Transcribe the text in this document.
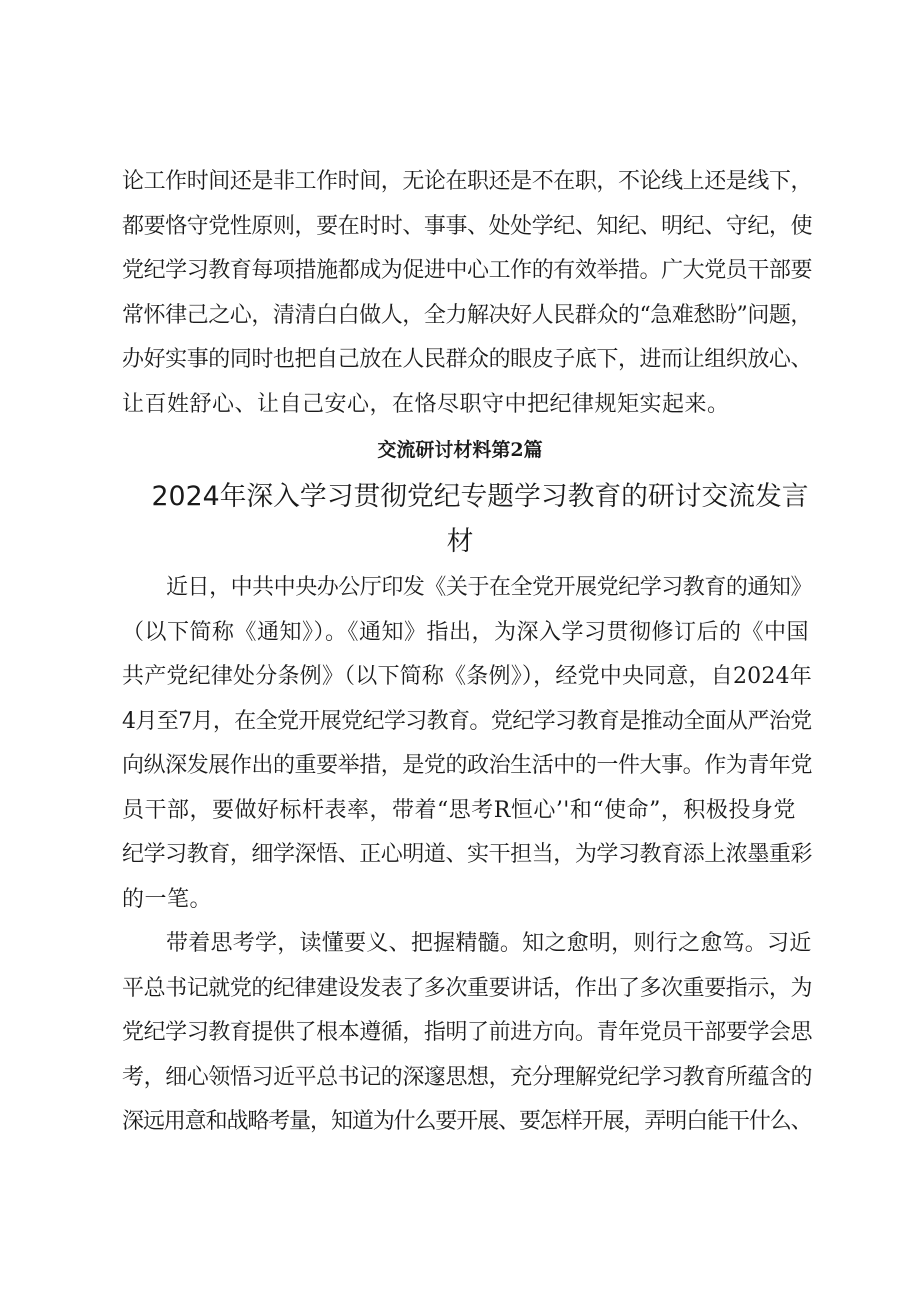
论工作时间还是非工作时间，无论在职还是不在职，不论线上还是线下，
都要恪守党性原则，要在时时、事事、处处学纪、知纪、明纪、守纪，使
党纪学习教育每项措施都成为促进中心工作的有效举措。广大党员干部要
常怀律己之心，清清白白做人，全力解决好人民群众的“急难愁盼”问题，
办好实事的同时也把自己放在人民群众的眼皮子底下，进而让组织放心、
让百姓舒心、让自己安心，在恪尽职守中把纪律规矩实起来。
交流研讨材料第2篇
2024年深入学习贯彻党纪专题学习教育的研讨交流发言
材
近日，中共中央办公厅印发《关于在全党开展党纪学习教育的通知》
（以下简称《通知》）。《通知》指出，为深入学习贯彻修订后的《中国
共产党纪律处分条例》（以下简称《条例》），经党中央同意，自2024年
4月至7月，在全党开展党纪学习教育。党纪学习教育是推动全面从严治党
向纵深发展作出的重要举措，是党的政治生活中的一件大事。作为青年党
员干部，要做好标杆表率，带着“思考R恒心’'和“使命”，积极投身党
纪学习教育，细学深悟、正心明道、实干担当，为学习教育添上浓墨重彩
的一笔。
带着思考学，读懂要义、把握精髓。知之愈明，则行之愈笃。习近
平总书记就党的纪律建设发表了多次重要讲话，作出了多次重要指示，为
党纪学习教育提供了根本遵循，指明了前进方向。青年党员干部要学会思
考，细心领悟习近平总书记的深邃思想，充分理解党纪学习教育所蕴含的
深远用意和战略考量，知道为什么要开展、要怎样开展，弄明白能干什么、
